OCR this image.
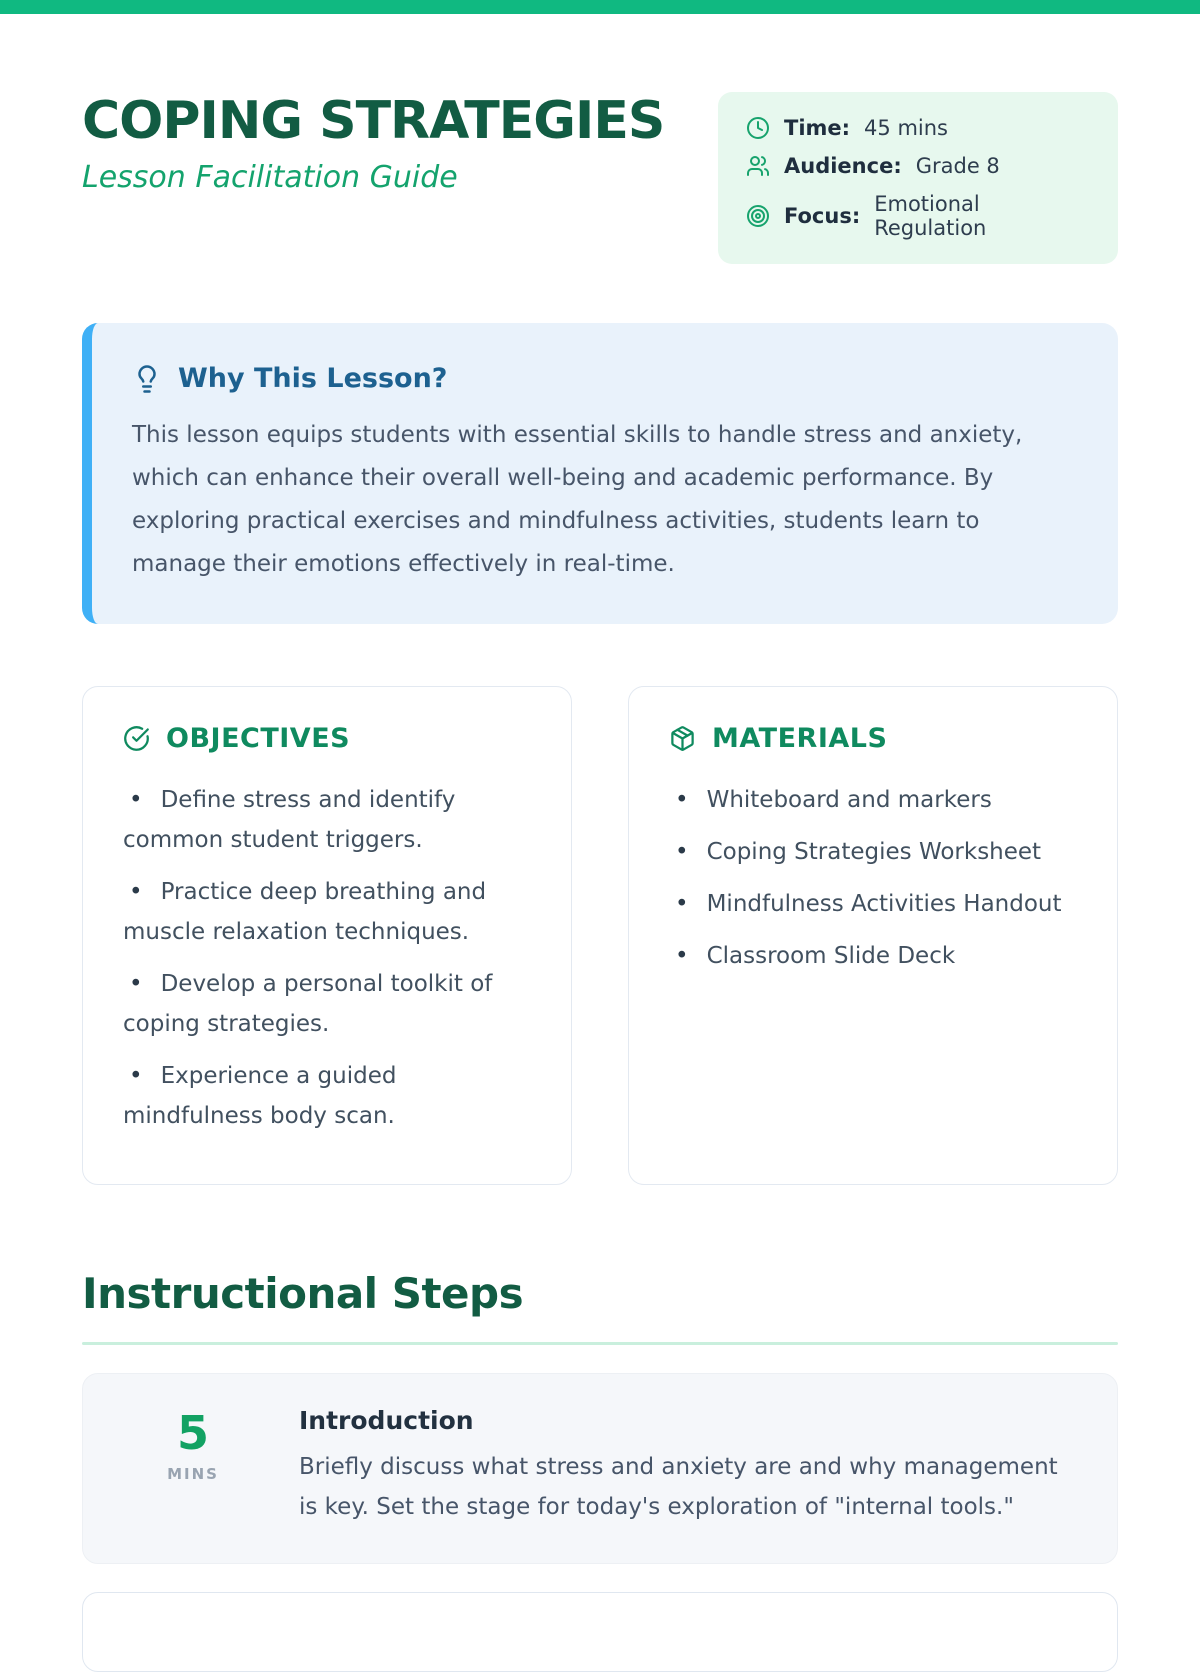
COPING STRATEGIES
Lesson Facilitation Guide
Time: 45 mins
Audience: Grade 8
Focus: Emotional Regulation
Why This Lesson?

This lesson equips students with essential skills to handle stress and anxiety, which can enhance their overall well-being and academic performance. By exploring practical exercises and mindfulness activities, students learn to manage their emotions effectively in real-time.

OBJECTIVES
• Define stress and identify common student triggers.
• Practice deep breathing and muscle relaxation techniques.
• Develop a personal toolkit of coping strategies.
• Experience a guided mindfulness body scan.
MATERIALS
• Whiteboard and markers
• Coping Strategies Worksheet
• Mindfulness Activities Handout
• Classroom Slide Deck
Instructional Steps
5
MINS
Introduction
Briefly discuss what stress and anxiety are and why management is key. Set the stage for today's exploration of "internal tools."
